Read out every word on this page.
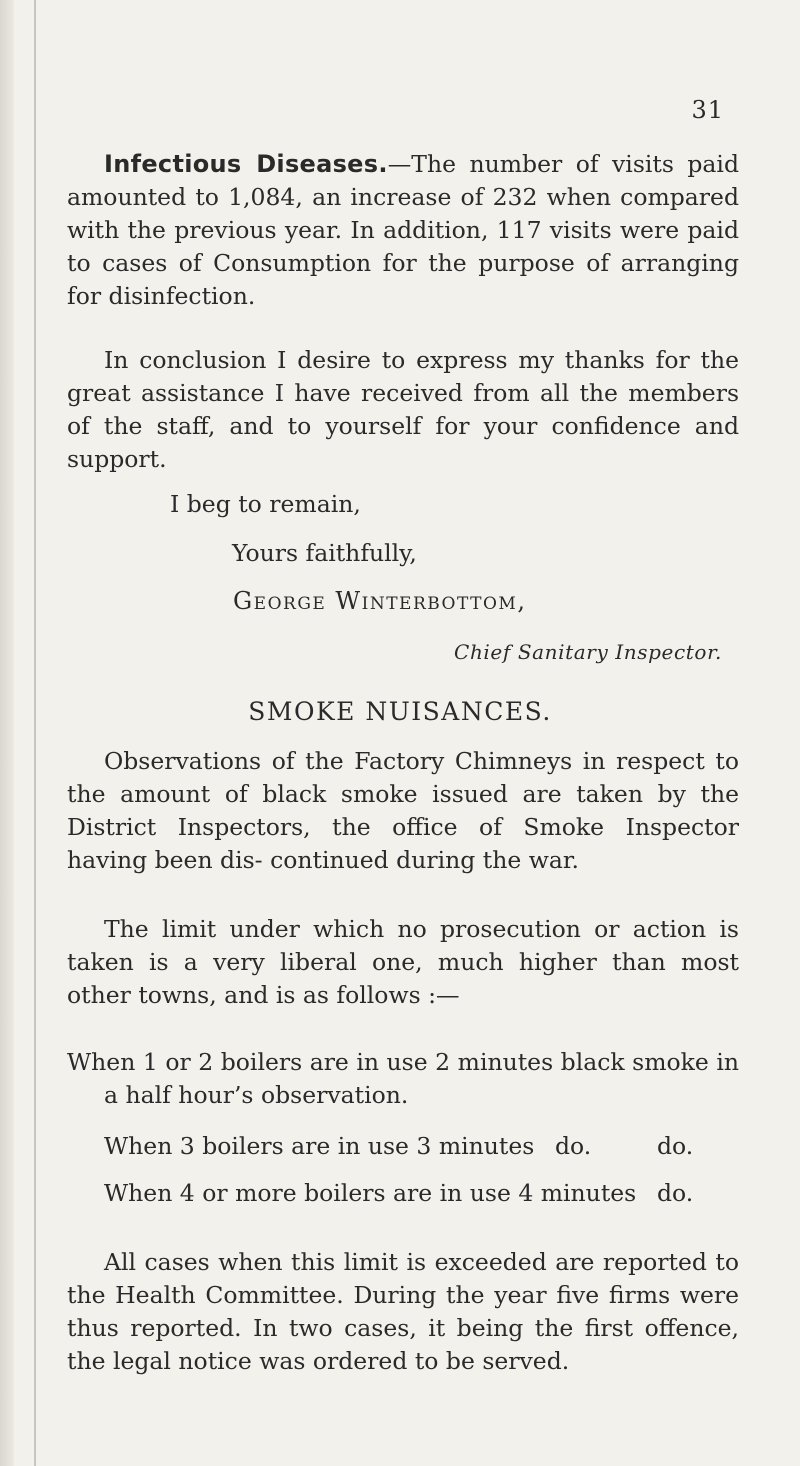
31

Infectious Diseases.—The number of visits paid amounted to 1,084, an increase of 232 when compared with the previous year. In addition, 117 visits were paid to cases of Consumption for the purpose of arranging for disinfection.

In conclusion I desire to express my thanks for the great assistance I have received from all the members of the staff, and to yourself for your confidence and support.

I beg to remain,

Yours faithfully,

George Winterbottom,

Chief Sanitary Inspector.

SMOKE NUISANCES.

Observations of the Factory Chimneys in respect to the amount of black smoke issued are taken by the District Inspectors, the office of Smoke Inspector having been dis- continued during the war.

The limit under which no prosecution or action is taken is a very liberal one, much higher than most other towns, and is as follows :—

When 1 or 2 boilers are in use 2 minutes black smoke in a half hour’s observation.

When 3 boilers are in use 3 minutes do.	do.
When 4 or more boilers are in use 4 minutes do.

All cases when this limit is exceeded are reported to the Health Committee. During the year five firms were thus reported. In two cases, it being the first offence, the legal notice was ordered to be served.
